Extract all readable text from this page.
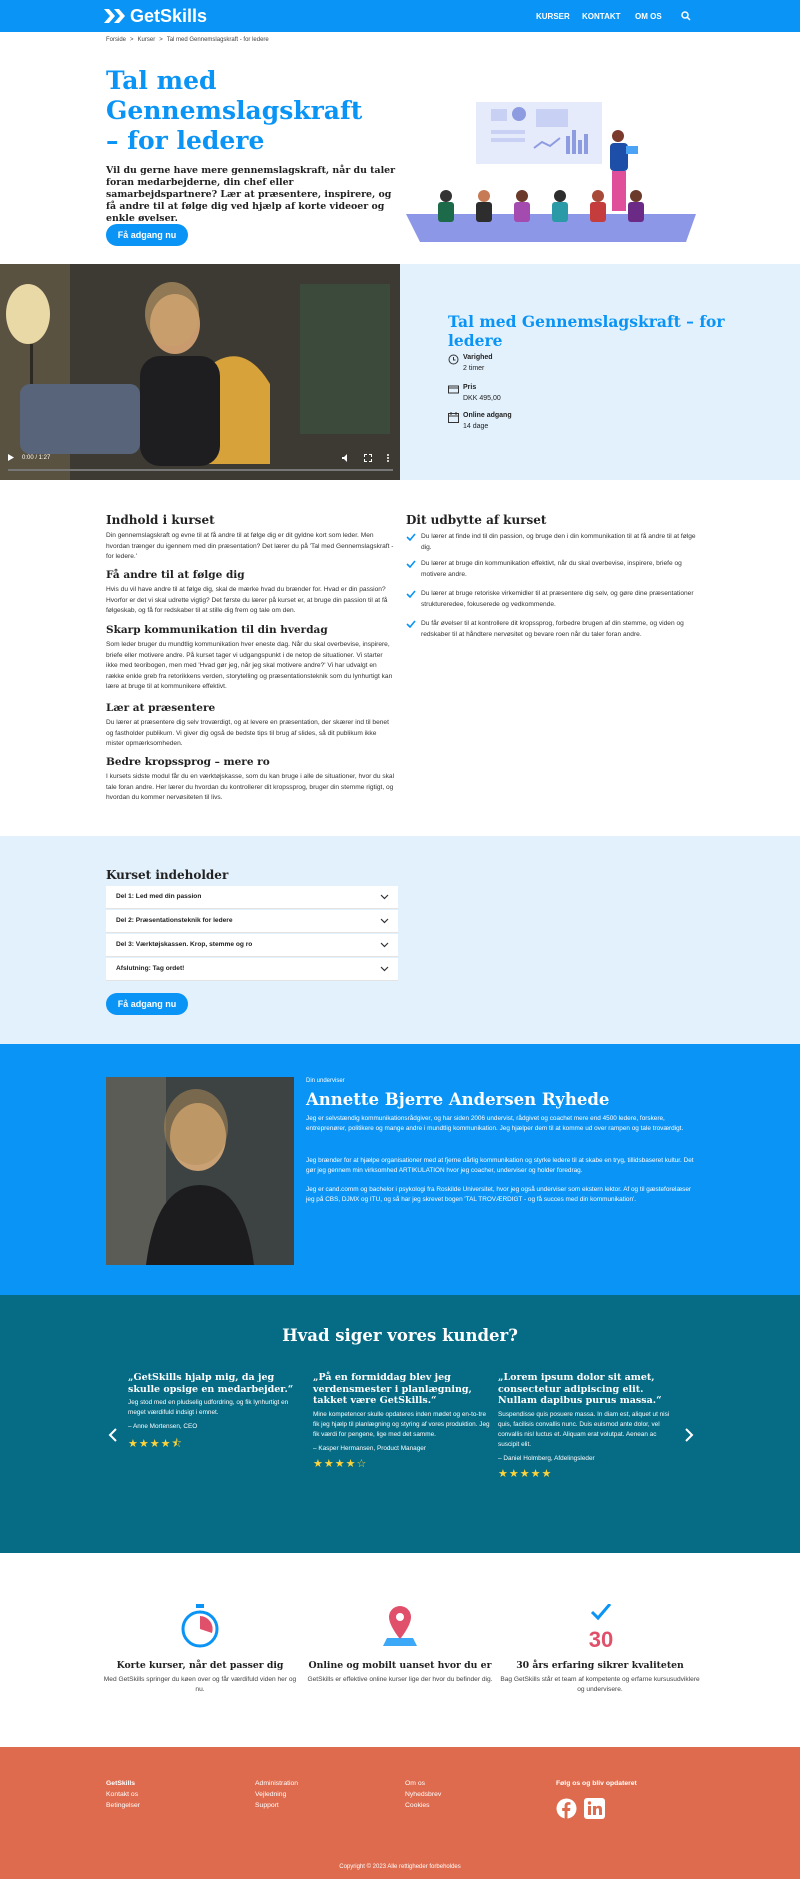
GetSkills	KURSER KONTAKT OM OS
Forside > Kurser > Tal med Gennemslagskraft - for ledere
Tal med Gennemslagskraft – for ledere
Vil du gerne have mere gennemslagskraft, når du taler foran medarbejderne, din chef eller samarbejdspartnere? Lær at præsentere, inspirere, og få andre til at følge dig ved hjælp af korte videoer og enkle øvelser.
Få adgang nu
0:00 / 1:27
Tal med Gennemslagskraft – for ledere
Varighed
2 timer
Pris
DKK 495,00
Online adgang
14 dage
Indhold i kurset
Din gennemslagskraft og evne til at få andre til at følge dig er dit gyldne kort som leder. Men hvordan trænger du igennem med din præsentation? Det lærer du på 'Tal med Gennemslagskraft - for ledere.'
Få andre til at følge dig
Hvis du vil have andre til at følge dig, skal de mærke hvad du brænder for. Hvad er din passion? Hvorfor er det vi skal udrette vigtig? Det første du lærer på kurset er, at bruge din passion til at få følgeskab, og få for redskaber til at stille dig frem og tale om den.
Skarp kommunikation til din hverdag
Som leder bruger du mundtlig kommunikation hver eneste dag. Når du skal overbevise, inspirere, briefe eller motivere andre. På kurset tager vi udgangspunkt i de netop de situationer. Vi starter ikke med teoribogen, men med 'Hvad gør jeg, når jeg skal motivere andre?' Vi har udvalgt en række enkle greb fra retorikkens verden, storytelling og præsentationsteknik som du lynhurtigt kan lære at bruge til at kommunikere effektivt.
Lær at præsentere
Du lærer at præsentere dig selv troværdigt, og at levere en præsentation, der skærer ind til benet og fastholder publikum. Vi giver dig også de bedste tips til brug af slides, så dit publikum ikke mister opmærksomheden.
Bedre kropssprog – mere ro
I kursets sidste modul får du en værktøjskasse, som du kan bruge i alle de situationer, hvor du skal tale foran andre. Her lærer du hvordan du kontrollerer dit kropssprog, bruger din stemme rigtigt, og hvordan du kommer nervøsiteten til livs.
Dit udbytte af kurset
Du lærer at finde ind til din passion, og bruge den i din kommunikation til at få andre til at følge dig.
Du lærer at bruge din kommunikation effektivt, når du skal overbevise, inspirere, briefe og motivere andre.
Du lærer at bruge retoriske virkemidler til at præsentere dig selv, og gøre dine præsentationer struktureredee, fokuserede og vedkommende.
Du får øvelser til at kontrollere dit kropssprog, forbedre brugen af din stemme, og viden og redskaber til at håndtere nervøsitet og bevare roen når du taler foran andre.
Kurset indeholder
Del 1: Led med din passion
Del 2: Præsentationsteknik for ledere
Del 3: Værktøjskassen. Krop, stemme og ro
Afslutning: Tag ordet!
Få adgang nu
Din underviser
Annette Bjerre Andersen Ryhede
Jeg er selvstændig kommunikationsrådgiver, og har siden 2006 undervist, rådgivet og coachet mere end 4500 ledere, forskere, entreprenører, politikere og mange andre i mundtlig kommunikation. Jeg hjælper dem til at komme ud over rampen og tale troværdigt.
Jeg brænder for at hjælpe organisationer med at fjerne dårlig kommunikation og styrke ledere til at skabe en tryg, tillidsbaseret kultur. Det gør jeg gennem min virksomhed ARTIKULATION hvor jeg coacher, underviser og holder foredrag.
Jeg er cand.comm og bachelor i psykologi fra Roskilde Universitet, hvor jeg også underviser som ekstern lektor. Af og til gæsteforelæser jeg på CBS, DJMX og ITU, og så har jeg skrevet bogen 'TAL TROVÆRDIGT - og få succes med din kommunikation'.
Hvad siger vores kunder?
„GetSkills hjalp mig, da jeg skulle opsige en medarbejder.“
Jeg stod med en pludselig udfordring, og fik lynhurtigt en meget værdifuld indsigt i emnet.
– Anne Mortensen, CEO
★★★★⯪
„På en formiddag blev jeg verdensmester i planlægning, takket være GetSkills.“
Mine kompetencer skulle opdateres inden mødet og en-to-tre fik jeg hjælp til planlægning og styring af vores produktion. Jeg fik værdi for pengene, lige med det samme.
– Kasper Hermansen, Product Manager
★★★★☆
„Lorem ipsum dolor sit amet, consectetur adipiscing elit. Nullam dapibus purus massa.“
Suspendisse quis posuere massa. In diam est, aliquet ut nisi quis, facilisis convallis nunc. Duis euismod ante dolor, vel convallis nisl luctus et. Aliquam erat volutpat. Aenean ac suscipit elit.
– Daniel Holmberg, Afdelingsleder
★★★★★
30
Korte kurser, når det passer dig
Med GetSkills springer du køen over og får værdifuld viden her og nu.
Online og mobilt uanset hvor du er
GetSkills er effektive online kurser lige der hvor du befinder dig.
30 års erfaring sikrer kvaliteten
Bag GetSkills står et team af kompetente og erfarne kursusudviklere og undervisere.
GetSkills
Kontakt os
Betingelser
Administration
Vejledning
Support
Om os
Nyhedsbrev
Cookies
Følg os og bliv opdateret
Copyright © 2023 Alle rettigheder forbeholdes
